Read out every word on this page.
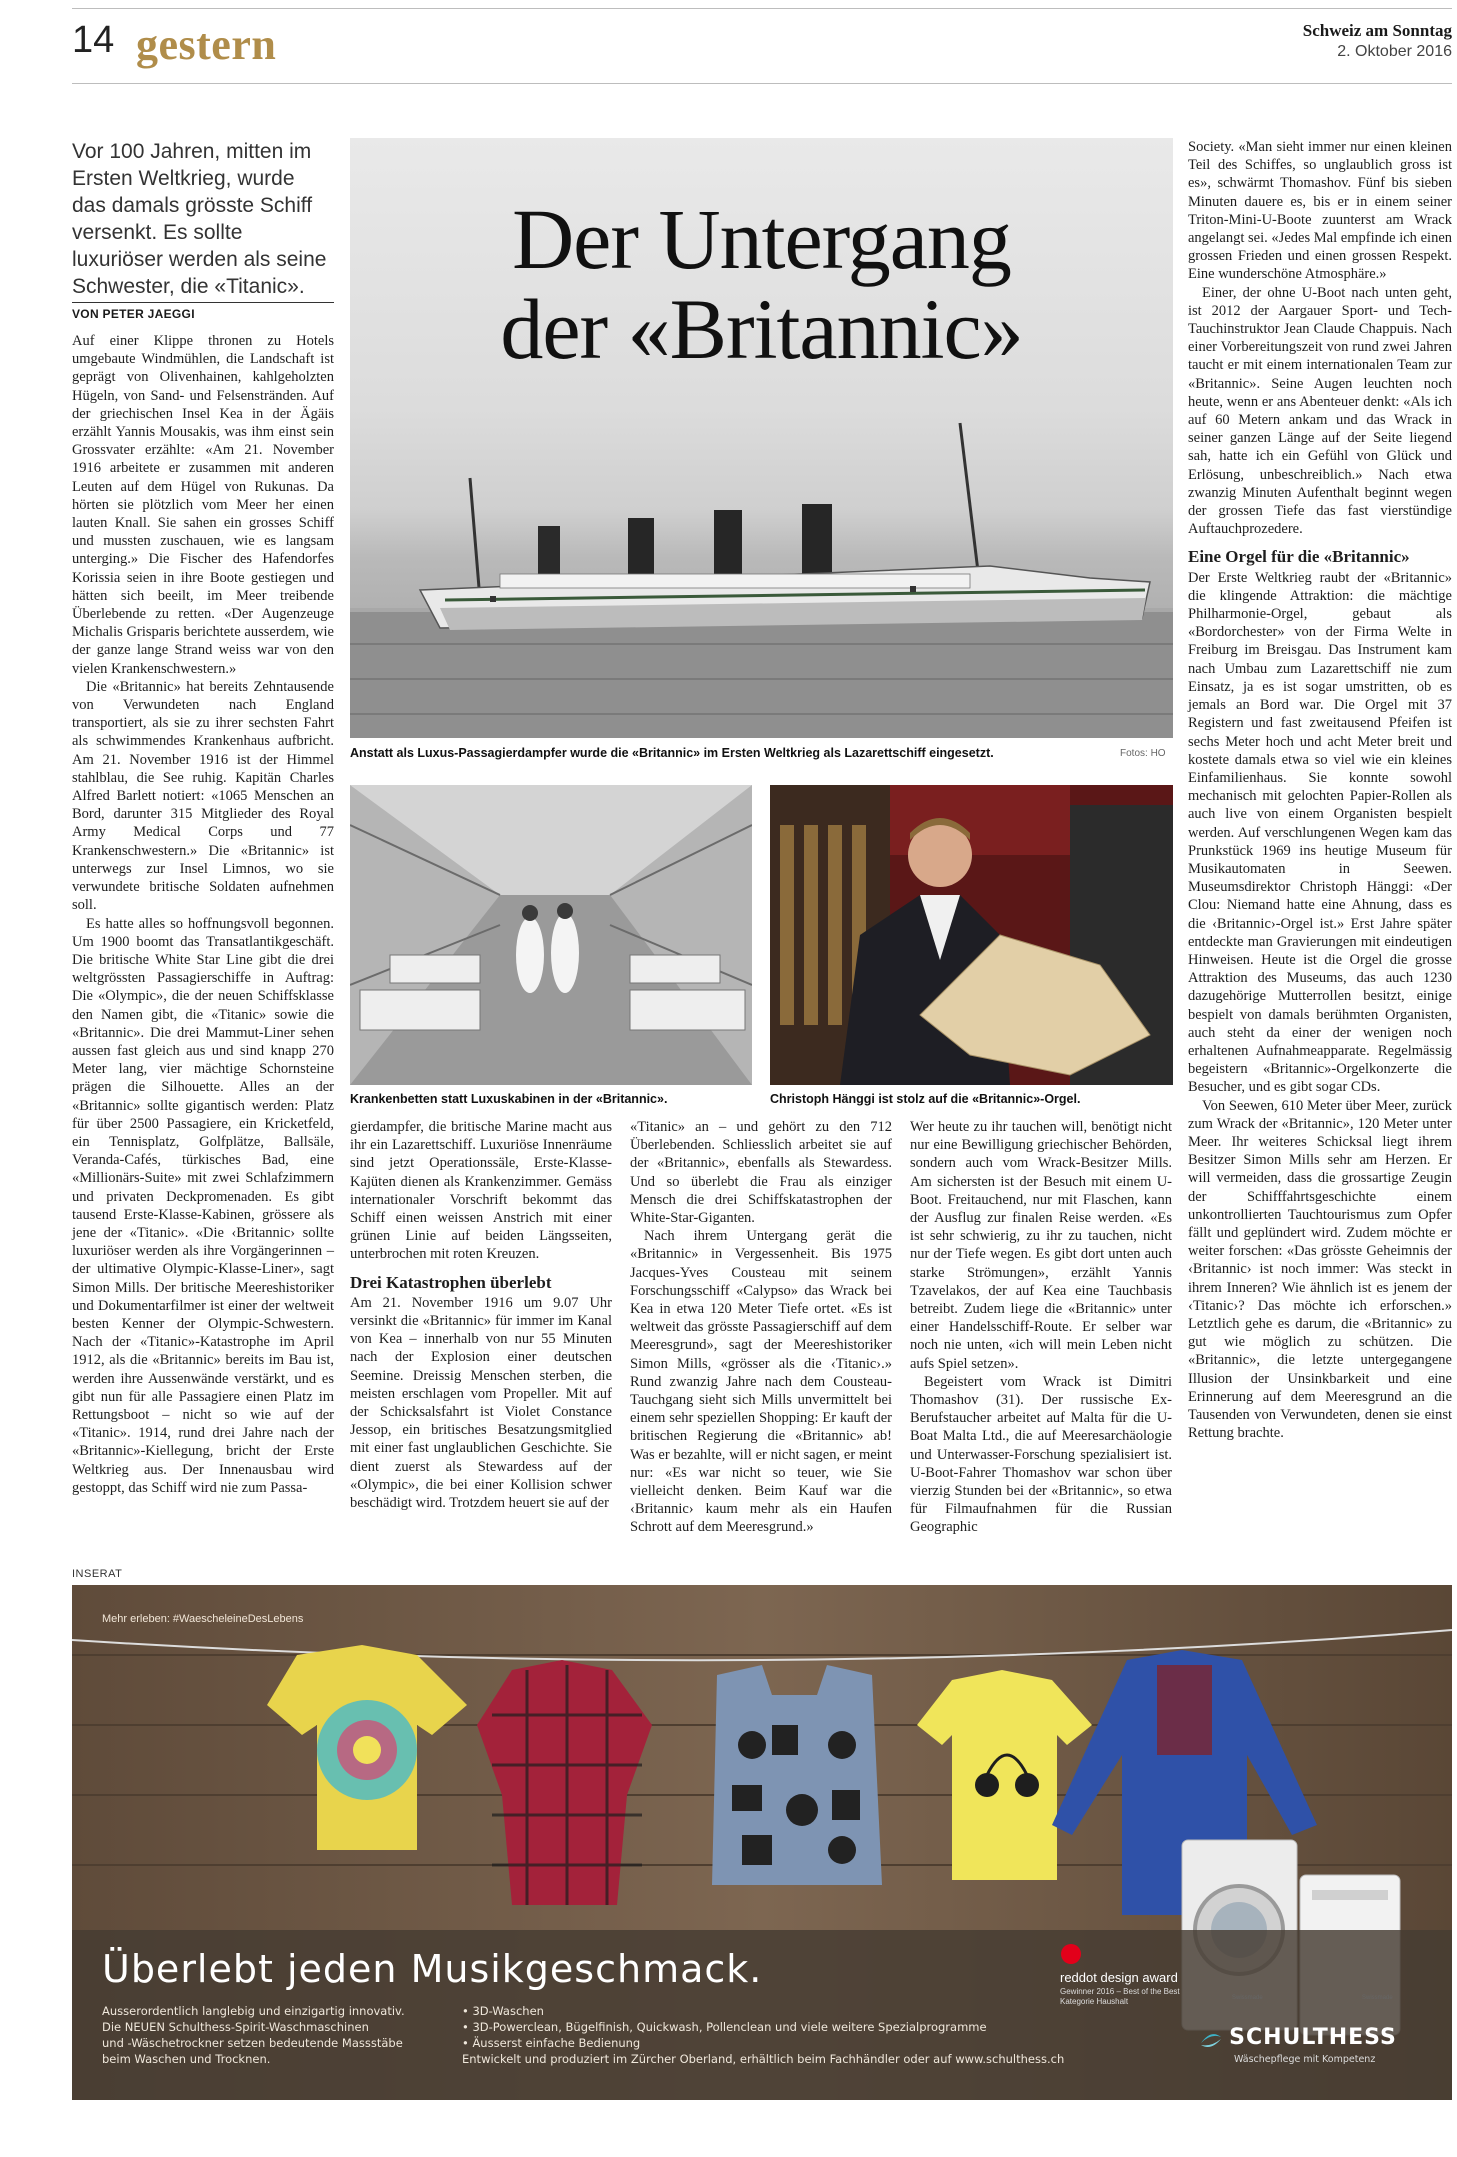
14 gestern	Schweiz am Sonntag
2. Oktober 2016
Vor 100 Jahren, mitten im Ersten Weltkrieg, wurde das damals grösste Schiff versenkt. Es sollte luxuriöser werden als seine Schwester, die «Titanic».
VON PETER JAEGGI

Auf einer Klippe thronen zu Hotels umgebaute Windmühlen, die Landschaft ist geprägt von Olivenhainen, kahlgeholzten Hügeln, von Sand- und Felsenstränden. Auf der griechischen Insel Kea in der Ägäis erzählt Yannis Mousakis, was ihm einst sein Grossvater erzählte: «Am 21. November 1916 arbeitete er zusammen mit anderen Leuten auf dem Hügel von Rukunas. Da hörten sie plötzlich vom Meer her einen lauten Knall. Sie sahen ein grosses Schiff und mussten zuschauen, wie es langsam unterging.» Die Fischer des Hafendorfes Korissia seien in ihre Boote gestiegen und hätten sich beeilt, im Meer treibende Überlebende zu retten. «Der Augenzeuge Michalis Grisparis berichtete ausserdem, wie der ganze lange Strand weiss war von den vielen Krankenschwestern.»

Die «Britannic» hat bereits Zehntausende von Verwundeten nach England transportiert, als sie zu ihrer sechsten Fahrt als schwimmendes Krankenhaus aufbricht. Am 21. November 1916 ist der Himmel stahlblau, die See ruhig. Kapitän Charles Alfred Barlett notiert: «1065 Menschen an Bord, darunter 315 Mitglieder des Royal Army Medical Corps und 77 Krankenschwestern.» Die «Britannic» ist unterwegs zur Insel Limnos, wo sie verwundete britische Soldaten aufnehmen soll.

Es hatte alles so hoffnungsvoll begonnen. Um 1900 boomt das Transatlantikgeschäft. Die britische White Star Line gibt die drei weltgrössten Passagierschiffe in Auftrag: Die «Olympic», die der neuen Schiffsklasse den Namen gibt, die «Titanic» sowie die «Britannic». Die drei Mammut-Liner sehen aussen fast gleich aus und sind knapp 270 Meter lang, vier mächtige Schornsteine prägen die Silhouette. Alles an der «Britannic» sollte gigantisch werden: Platz für über 2500 Passagiere, ein Kricketfeld, ein Tennisplatz, Golfplätze, Ballsäle, Veranda-Cafés, türkisches Bad, eine «Millionärs-Suite» mit zwei Schlafzimmern und privaten Deckpromenaden. Es gibt tausend Erste-Klasse-Kabinen, grössere als jene der «Titanic». «Die ‹Britannic› sollte luxuriöser werden als ihre Vorgängerinnen – der ultimative Olympic-Klasse-Liner», sagt Simon Mills. Der britische Meereshistoriker und Dokumentarfilmer ist einer der weltweit besten Kenner der Olympic-Schwestern. Nach der «Titanic»-Katastrophe im April 1912, als die «Britannic» bereits im Bau ist, werden ihre Aussenwände verstärkt, und es gibt nun für alle Passagiere einen Platz im Rettungsboot – nicht so wie auf der «Titanic». 1914, rund drei Jahre nach der «Britannic»-Kiellegung, bricht der Erste Weltkrieg aus. Der Innenausbau wird gestoppt, das Schiff wird nie zum Passa-

Der Untergang
der «Britannic»
Anstatt als Luxus-Passagierdampfer wurde die «Britannic» im Ersten Weltkrieg als Lazarettschiff eingesetzt.	Fotos: HO
Krankenbetten statt Luxuskabinen in der «Britannic».	Christoph Hänggi ist stolz auf die «Britannic»-Orgel.

gierdampfer, die britische Marine macht aus ihr ein Lazarettschiff. Luxuriöse Innenräume sind jetzt Operationssäle, Erste-Klasse-Kajüten dienen als Krankenzimmer. Gemäss internationaler Vorschrift bekommt das Schiff einen weissen Anstrich mit einer grünen Linie auf beiden Längsseiten, unterbrochen mit roten Kreuzen.

Drei Katastrophen überlebt

Am 21. November 1916 um 9.07 Uhr versinkt die «Britannic» für immer im Kanal von Kea – innerhalb von nur 55 Minuten nach der Explosion einer deutschen Seemine. Dreissig Menschen sterben, die meisten erschlagen vom Propeller. Mit auf der Schicksalsfahrt ist Violet Constance Jessop, ein britisches Besatzungsmitglied mit einer fast unglaublichen Geschichte. Sie dient zuerst als Stewardess auf der «Olympic», die bei einer Kollision schwer beschädigt wird. Trotzdem heuert sie auf der

«Titanic» an – und gehört zu den 712 Überlebenden. Schliesslich arbeitet sie auf der «Britannic», ebenfalls als Stewardess. Und so überlebt die Frau als einziger Mensch die drei Schiffskatastrophen der White-Star-Giganten.

Nach ihrem Untergang gerät die «Britannic» in Vergessenheit. Bis 1975 Jacques-Yves Cousteau mit seinem Forschungsschiff «Calypso» das Wrack bei Kea in etwa 120 Meter Tiefe ortet. «Es ist weltweit das grösste Passagierschiff auf dem Meeresgrund», sagt der Meereshistoriker Simon Mills, «grösser als die ‹Titanic›.» Rund zwanzig Jahre nach dem Cousteau-Tauchgang sieht sich Mills unvermittelt bei einem sehr speziellen Shopping: Er kauft der britischen Regierung die «Britannic» ab! Was er bezahlte, will er nicht sagen, er meint nur: «Es war nicht so teuer, wie Sie vielleicht denken. Beim Kauf war die ‹Britannic› kaum mehr als ein Haufen Schrott auf dem Meeresgrund.»

Wer heute zu ihr tauchen will, benötigt nicht nur eine Bewilligung griechischer Behörden, sondern auch vom Wrack-Besitzer Mills. Am sichersten ist der Besuch mit einem U-Boot. Freitauchend, nur mit Flaschen, kann der Ausflug zur finalen Reise werden. «Es ist sehr schwierig, zu ihr zu tauchen, nicht nur der Tiefe wegen. Es gibt dort unten auch starke Strömungen», erzählt Yannis Tzavelakos, der auf Kea eine Tauchbasis betreibt. Zudem liege die «Britannic» unter einer Handelsschiff-Route. Er selber war noch nie unten, «ich will mein Leben nicht aufs Spiel setzen».

Begeistert vom Wrack ist Dimitri Thomashov (31). Der russische Ex-Berufstaucher arbeitet auf Malta für die U-Boat Malta Ltd., die auf Meeresarchäologie und Unterwasser-Forschung spezialisiert ist. U-Boot-Fahrer Thomashov war schon über vierzig Stunden bei der «Britannic», so etwa für Filmaufnahmen für die Russian Geographic

Society. «Man sieht immer nur einen kleinen Teil des Schiffes, so unglaublich gross ist es», schwärmt Thomashov. Fünf bis sieben Minuten dauere es, bis er in einem seiner Triton-Mini-U-Boote zuunterst am Wrack angelangt sei. «Jedes Mal empfinde ich einen grossen Frieden und einen grossen Respekt. Eine wunderschöne Atmosphäre.»

Einer, der ohne U-Boot nach unten geht, ist 2012 der Aargauer Sport- und Tech-Tauchinstruktor Jean Claude Chappuis. Nach einer Vorbereitungszeit von rund zwei Jahren taucht er mit einem internationalen Team zur «Britannic». Seine Augen leuchten noch heute, wenn er ans Abenteuer denkt: «Als ich auf 60 Metern ankam und das Wrack in seiner ganzen Länge auf der Seite liegend sah, hatte ich ein Gefühl von Glück und Erlösung, unbeschreiblich.» Nach etwa zwanzig Minuten Aufenthalt beginnt wegen der grossen Tiefe das fast vierstündige Auftauchprozedere.

Eine Orgel für die «Britannic»

Der Erste Weltkrieg raubt der «Britannic» die klingende Attraktion: die mächtige Philharmonie-Orgel, gebaut als «Bordorchester» von der Firma Welte in Freiburg im Breisgau. Das Instrument kam nach Umbau zum Lazarettschiff nie zum Einsatz, ja es ist sogar umstritten, ob es jemals an Bord war. Die Orgel mit 37 Registern und fast zweitausend Pfeifen ist sechs Meter hoch und acht Meter breit und kostete damals etwa so viel wie ein kleines Einfamilienhaus. Sie konnte sowohl mechanisch mit gelochten Papier-Rollen als auch live von einem Organisten bespielt werden. Auf verschlungenen Wegen kam das Prunkstück 1969 ins heutige Museum für Musikautomaten in Seewen. Museumsdirektor Christoph Hänggi: «Der Clou: Niemand hatte eine Ahnung, dass es die ‹Britannic›-Orgel ist.» Erst Jahre später entdeckte man Gravierungen mit eindeutigen Hinweisen. Heute ist die Orgel die grosse Attraktion des Museums, das auch 1230 dazugehörige Mutterrollen besitzt, einige bespielt von damals berühmten Organisten, auch steht da einer der wenigen noch erhaltenen Aufnahmeapparate. Regelmässig begeistern «Britannic»-Orgelkonzerte die Besucher, und es gibt sogar CDs.

Von Seewen, 610 Meter über Meer, zurück zum Wrack der «Britannic», 120 Meter unter Meer. Ihr weiteres Schicksal liegt ihrem Besitzer Simon Mills sehr am Herzen. Er will vermeiden, dass die grossartige Zeugin der Schifffahrtsgeschichte einem unkontrollierten Tauchtourismus zum Opfer fällt und geplündert wird. Zudem möchte er weiter forschen: «Das grösste Geheimnis der ‹Britannic› ist noch immer: Was steckt in ihrem Inneren? Wie ähnlich ist es jenem der ‹Titanic›? Das möchte ich erforschen.» Letztlich gehe es darum, die «Britannic» zu gut wie möglich zu schützen. Die «Britannic», die letzte untergegangene Illusion der Unsinkbarkeit und eine Erinnerung auf dem Meeresgrund an die Tausenden von Verwundeten, denen sie einst Rettung brachte.

INSERAT
Mehr erleben: #WaescheleineDesLebens
Überlebt jeden Musikgeschmack.
Ausserordentlich langlebig und einzigartig innovativ.
Die NEUEN Schulthess-Spirit-Waschmaschinen
und -Wäschetrockner setzen bedeutende Massstäbe
beim Waschen und Trocknen.
• 3D-Waschen
• 3D-Powerclean, Bügelfinish, Quickwash, Pollenclean und viele weitere Spezialprogramme
• Äusserst einfache Bedienung
Entwickelt und produziert im Zürcher Oberland, erhältlich beim Fachhändler oder auf www.schulthess.ch
reddot design award
Gewinner 2016 – Best of the Best Kategorie Haushalt
SCHULTHESS
Wäschepflege mit Kompetenz
Swissmade	Swissmade
